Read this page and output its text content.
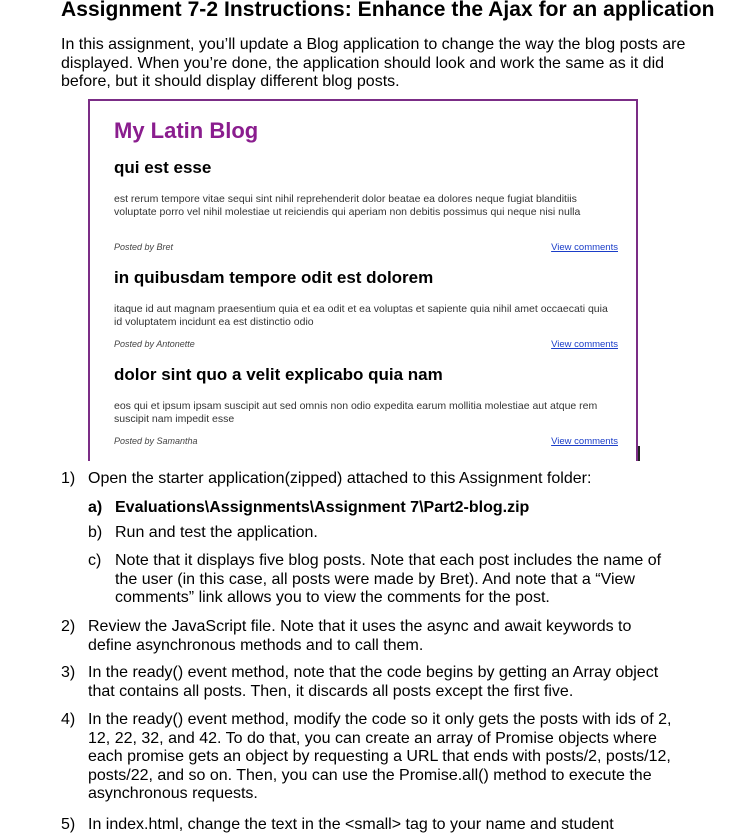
Assignment 7-2 Instructions: Enhance the Ajax for an application
In this assignment, you’ll update a Blog application to change the way the blog posts are displayed. When you’re done, the application should look and work the same as it did before, but it should display different blog posts.
My Latin Blog
qui est esse
est rerum tempore vitae sequi sint nihil reprehenderit dolor beatae ea dolores neque fugiat blanditiis voluptate porro vel nihil molestiae ut reiciendis qui aperiam non debitis possimus qui neque nisi nulla
Posted by Bret	View comments
in quibusdam tempore odit est dolorem
itaque id aut magnam praesentium quia et ea odit et ea voluptas et sapiente quia nihil amet occaecati quia id voluptatem incidunt ea est distinctio odio
Posted by Antonette	View comments
dolor sint quo a velit explicabo quia nam
eos qui et ipsum ipsam suscipit aut sed omnis non odio expedita earum mollitia molestiae aut atque rem suscipit nam impedit esse
Posted by Samantha	View comments
1) Open the starter application(zipped) attached to this Assignment folder:
a) Evaluations\Assignments\Assignment 7\Part2-blog.zip
b) Run and test the application.
c) Note that it displays five blog posts. Note that each post includes the name of the user (in this case, all posts were made by Bret). And note that a “View comments” link allows you to view the comments for the post.
2) Review the JavaScript file. Note that it uses the async and await keywords to define asynchronous methods and to call them.
3) In the ready() event method, note that the code begins by getting an Array object that contains all posts. Then, it discards all posts except the first five.
4) In the ready() event method, modify the code so it only gets the posts with ids of 2, 12, 22, 32, and 42. To do that, you can create an array of Promise objects where each promise gets an object by requesting a URL that ends with posts/2, posts/12, posts/22, and so on. Then, you can use the Promise.all() method to execute the asynchronous requests.
5) In index.html, change the text in the <small> tag to your name and student
